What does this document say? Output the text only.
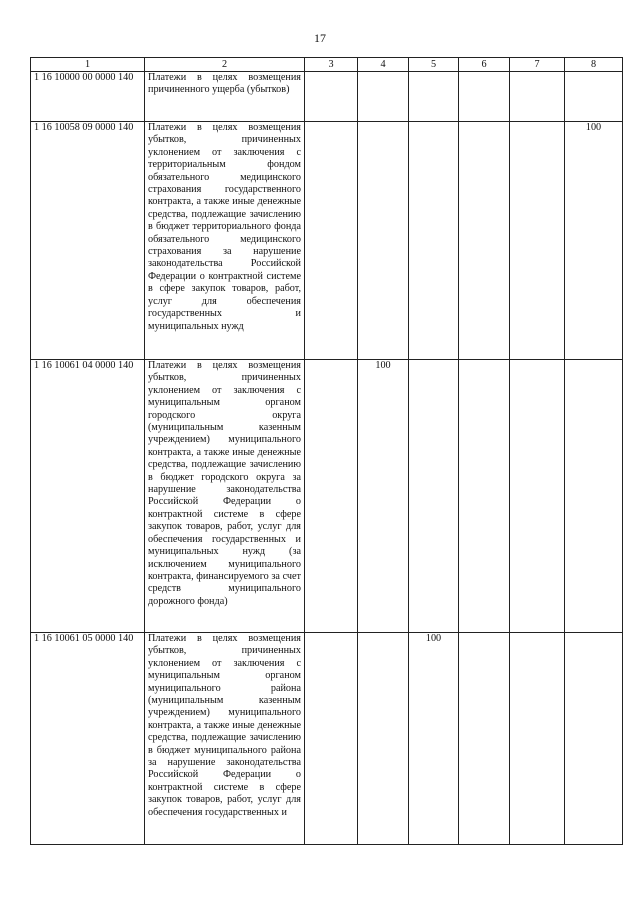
17
1	2	3	4	5	6	7	8
1 16 10000 00 0000 140	Платежи в целях возмещения причиненного ущерба (убытков)						
1 16 10058 09 0000 140	Платежи в целях возмещения убытков, причиненных уклонением от заключения с территориальным фондом обязательного медицинского страхования государственного контракта, а также иные денежные средства, подлежащие зачислению в бюджет территориального фонда обязательного медицинского страхования за нарушение законодательства Российской Федерации о контрактной системе в сфере закупок товаров, работ, услуг для обеспечения государственных и муниципальных нужд						100
1 16 10061 04 0000 140	Платежи в целях возмещения убытков, причиненных уклонением от заключения с муниципальным органом городского округа (муниципальным казенным учреждением) муниципального контракта, а также иные денежные средства, подлежащие зачислению в бюджет городского округа за нарушение законодательства Российской Федерации о контрактной системе в сфере закупок товаров, работ, услуг для обеспечения государственных и муниципальных нужд (за исключением муниципального контракта, финансируемого за счет средств муниципального дорожного фонда)		100				
1 16 10061 05 0000 140	Платежи в целях возмещения убытков, причиненных уклонением от заключения с муниципальным органом муниципального района (муниципальным казенным учреждением) муниципального контракта, а также иные денежные средства, подлежащие зачислению в бюджет муниципального района за нарушение законодательства Российской Федерации о контрактной системе в сфере закупок товаров, работ, услуг для обеспечения государственных и			100			
